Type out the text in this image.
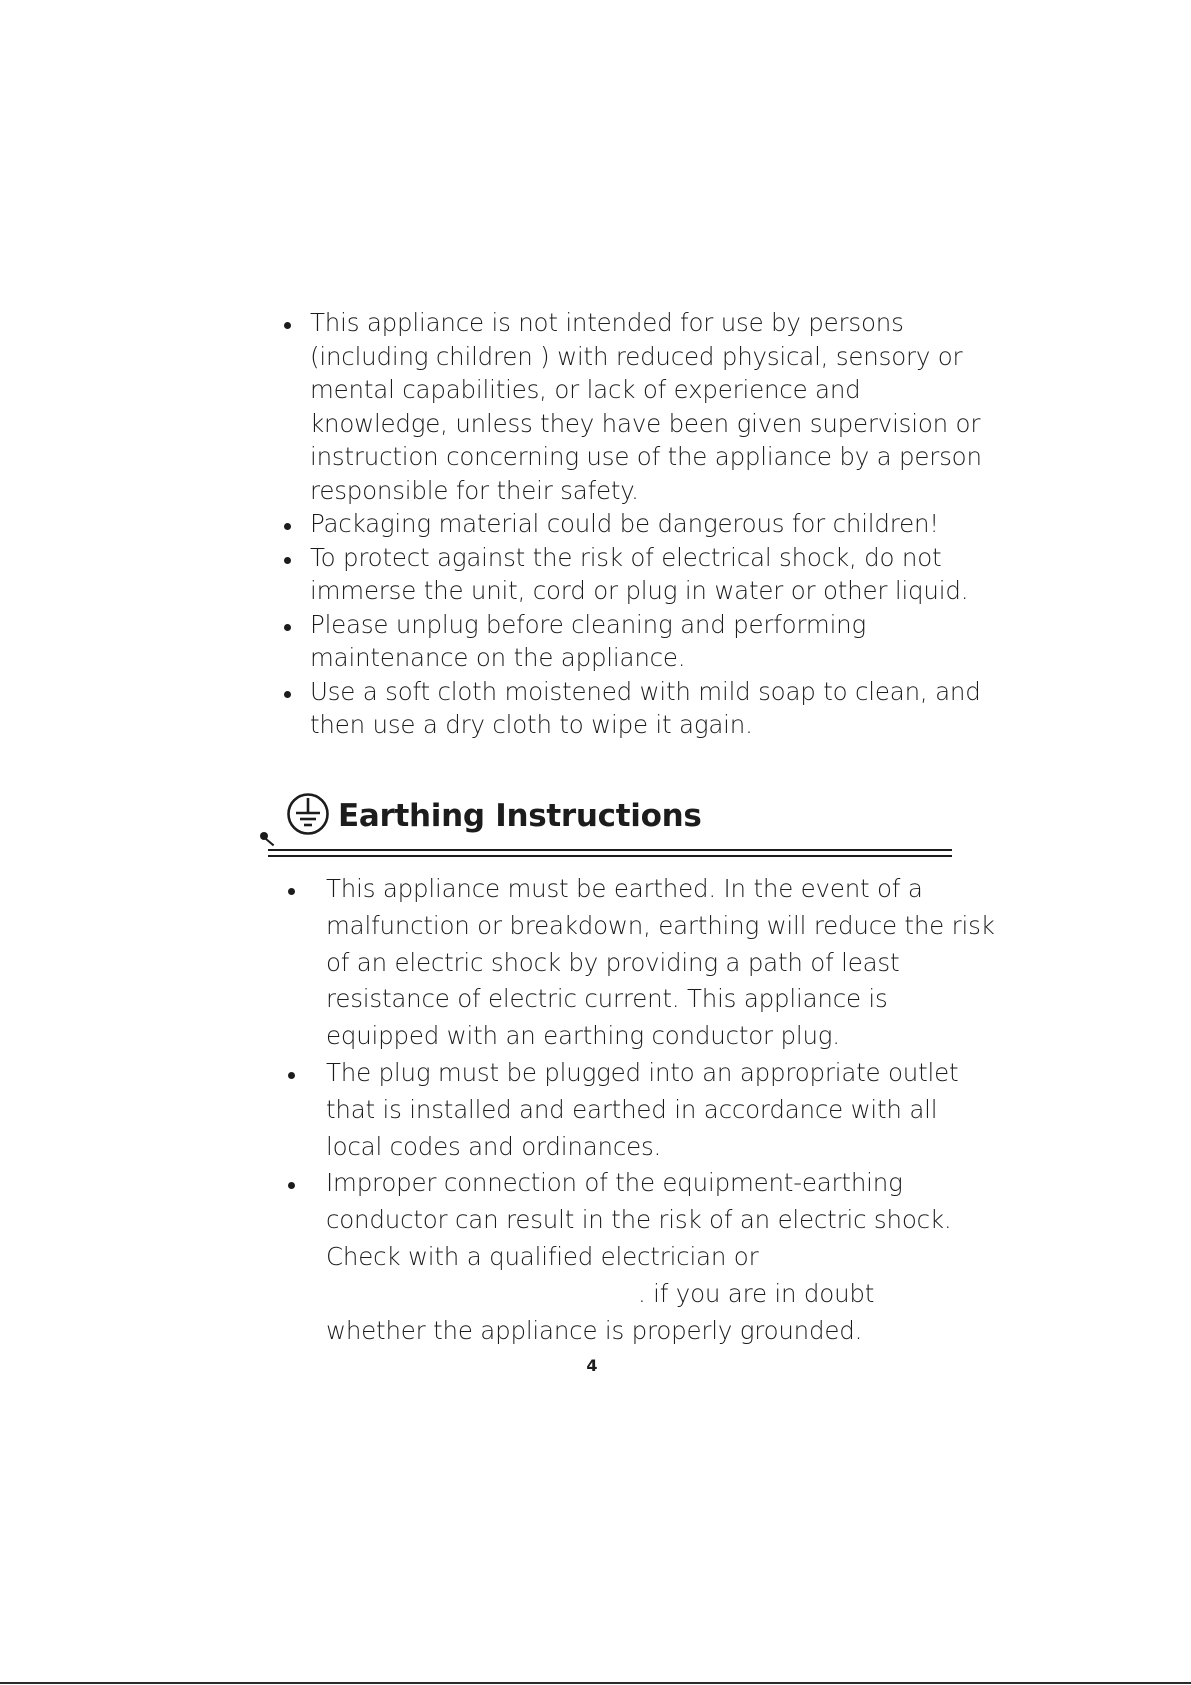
This appliance is not intended for use by persons (including children ) with reduced physical, sensory or mental capabilities, or lack of experience and knowledge, unless they have been given supervision or instruction concerning use of the appliance by a person responsible for their safety.
Packaging material could be dangerous for children!
To protect against the risk of electrical shock, do not immerse the unit, cord or plug in water or other liquid.
Please unplug before cleaning and performing maintenance on the appliance.
Use a soft cloth moistened with mild soap to clean, and then use a dry cloth to wipe it again.
Earthing Instructions
This appliance must be earthed. In the event of a malfunction or breakdown, earthing will reduce the risk of an electric shock by providing a path of least resistance of electric current. This appliance is equipped with an earthing conductor plug.
The plug must be plugged into an appropriate outlet that is installed and earthed in accordance with all local codes and ordinances.
Improper connection of the equipment-earthing conductor can result in the risk of an electric shock. Check with a qualified electrician or
. if you are in doubt
whether the appliance is properly grounded.
4
